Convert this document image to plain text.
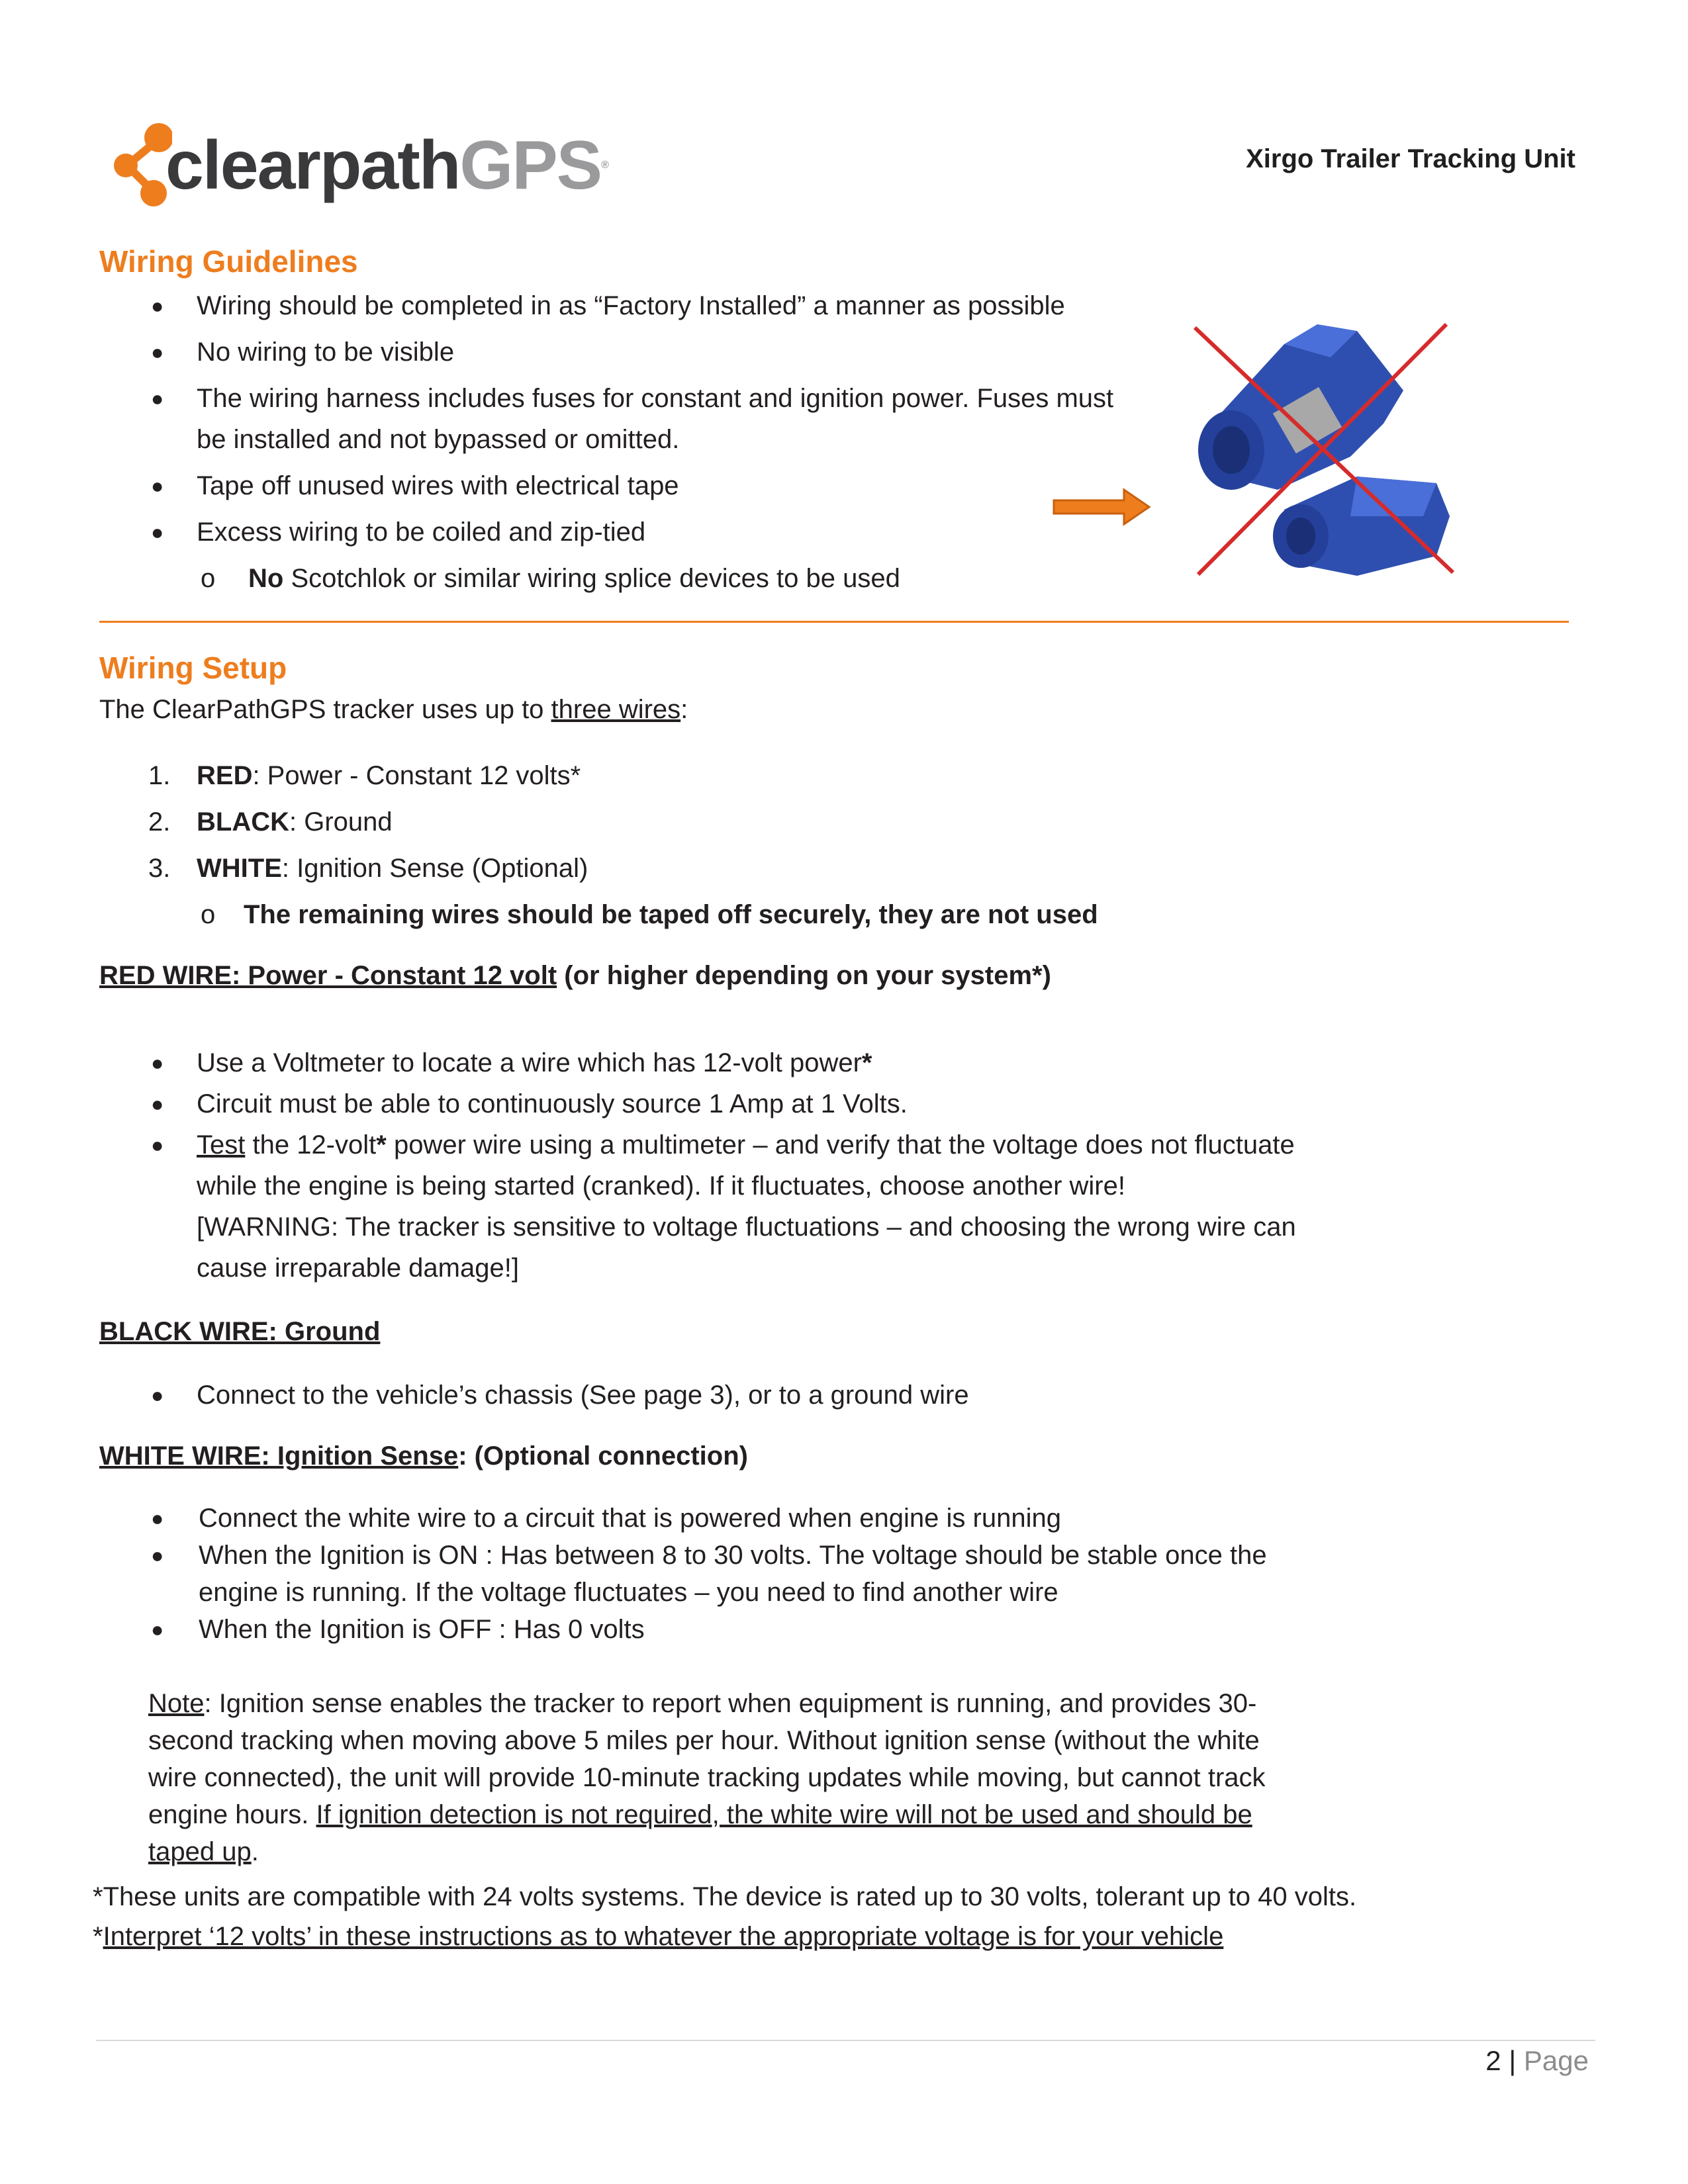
clearpathGPS®	Xirgo Trailer Tracking Unit
Wiring Guidelines
● Wiring should be completed in as “Factory Installed” a manner as possible
● No wiring to be visible
● The wiring harness includes fuses for constant and ignition power. Fuses must
be installed and not bypassed or omitted.
● Tape off unused wires with electrical tape
● Excess wiring to be coiled and zip-tied
o No Scotchlok or similar wiring splice devices to be used
Wiring Setup
The ClearPathGPS tracker uses up to three wires:
1. RED: Power - Constant 12 volts*
2. BLACK: Ground
3. WHITE: Ignition Sense (Optional)
o The remaining wires should be taped off securely, they are not used
RED WIRE: Power - Constant 12 volt (or higher depending on your system*)
● Use a Voltmeter to locate a wire which has 12-volt power*
● Circuit must be able to continuously source 1 Amp at 1 Volts.
● Test the 12-volt* power wire using a multimeter – and verify that the voltage does not fluctuate
while the engine is being started (cranked). If it fluctuates, choose another wire!
[WARNING: The tracker is sensitive to voltage fluctuations – and choosing the wrong wire can
cause irreparable damage!]
BLACK WIRE: Ground
● Connect to the vehicle’s chassis (See page 3), or to a ground wire
WHITE WIRE: Ignition Sense: (Optional connection)
● Connect the white wire to a circuit that is powered when engine is running
● When the Ignition is ON : Has between 8 to 30 volts. The voltage should be stable once the
engine is running. If the voltage fluctuates – you need to find another wire
● When the Ignition is OFF : Has 0 volts
Note: Ignition sense enables the tracker to report when equipment is running, and provides 30-
second tracking when moving above 5 miles per hour. Without ignition sense (without the white
wire connected), the unit will provide 10-minute tracking updates while moving, but cannot track
engine hours. If ignition detection is not required, the white wire will not be used and should be
taped up.
*These units are compatible with 24 volts systems. The device is rated up to 30 volts, tolerant up to 40 volts.
*Interpret ‘12 volts’ in these instructions as to whatever the appropriate voltage is for your vehicle
2 | Page
